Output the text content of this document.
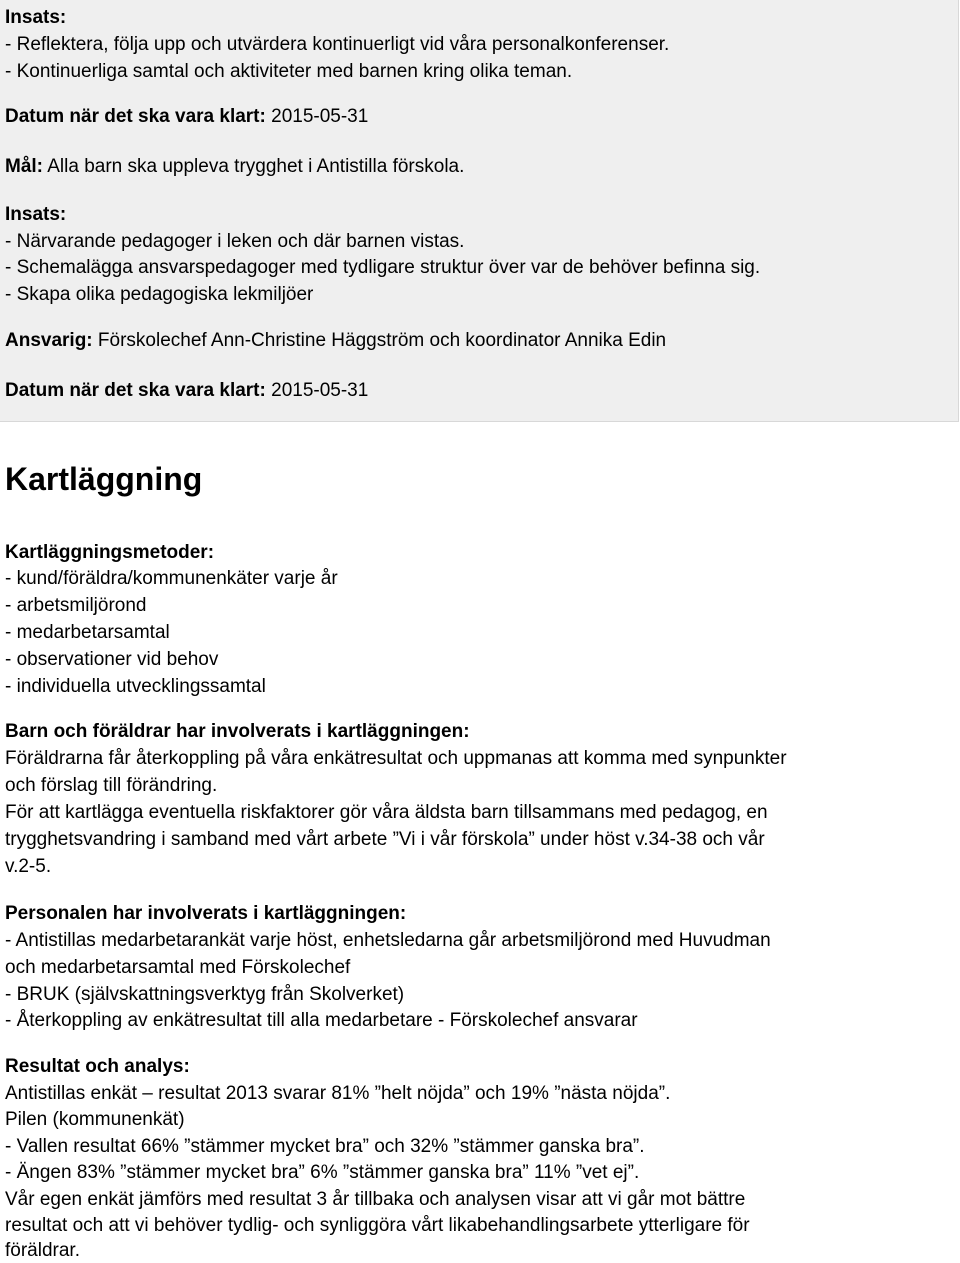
Insats:
- Reflektera, följa upp och utvärdera kontinuerligt vid våra personalkonferenser.
- Kontinuerliga samtal och aktiviteter med barnen kring olika teman.
Datum när det ska vara klart: 2015-05-31
Mål: Alla barn ska uppleva trygghet i Antistilla förskola.
Insats:
- Närvarande pedagoger i leken och där barnen vistas.
- Schemalägga ansvarspedagoger med tydligare struktur över var de behöver befinna sig.
- Skapa olika pedagogiska lekmiljöer
Ansvarig: Förskolechef Ann-Christine Häggström och koordinator Annika Edin
Datum när det ska vara klart: 2015-05-31
Kartläggning
Kartläggningsmetoder:
- kund/föräldra/kommunenkäter varje år
- arbetsmiljörond
- medarbetarsamtal
- observationer vid behov
- individuella utvecklingssamtal
Barn och föräldrar har involverats i kartläggningen:
Föräldrarna får återkoppling på våra enkätresultat och uppmanas att komma med synpunkter
och förslag till förändring.
För att kartlägga eventuella riskfaktorer gör våra äldsta barn tillsammans med pedagog, en
trygghetsvandring i samband med vårt arbete ”Vi i vår förskola” under höst v.34-38 och vår
v.2-5.
Personalen har involverats i kartläggningen:
- Antistillas medarbetarankät varje höst, enhetsledarna går arbetsmiljörond med Huvudman
och medarbetarsamtal med Förskolechef
- BRUK (självskattningsverktyg från Skolverket)
- Återkoppling av enkätresultat till alla medarbetare - Förskolechef ansvarar
Resultat och analys:
Antistillas enkät – resultat 2013 svarar 81% ”helt nöjda” och 19% ”nästa nöjda”.
Pilen (kommunenkät)
- Vallen resultat 66% ”stämmer mycket bra” och 32% ”stämmer ganska bra”.
- Ängen 83% ”stämmer mycket bra” 6% ”stämmer ganska bra” 11% ”vet ej”.
Vår egen enkät jämförs med resultat 3 år tillbaka och analysen visar att vi går mot bättre
resultat och att vi behöver tydlig- och synliggöra vårt likabehandlingsarbete ytterligare för
föräldrar.
